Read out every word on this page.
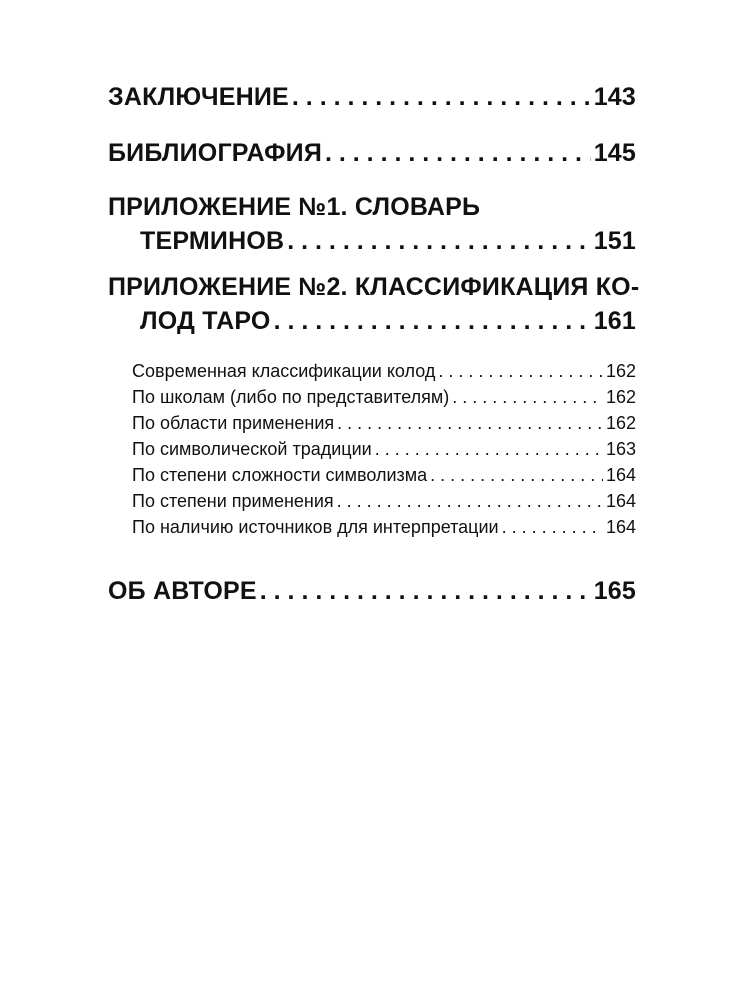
ЗАКЛЮЧЕНИЕ . . .	143
БИБЛИОГРАФИЯ . . .	145
ПРИЛОЖЕНИЕ №1. СЛОВАРЬ
ТЕРМИНОВ . . .	151
ПРИЛОЖЕНИЕ №2. КЛАССИФИКАЦИЯ КО-
ЛОД ТАРО . . .	161
Современная классификации колод . . .	162
По школам (либо по представителям) . . .	162
По области применения . . .	162
По символической традиции . . .	163
По степени сложности символизма . . .	164
По степени применения . . .	164
По наличию источников для интерпретации . . .	164
ОБ АВТОРЕ . . .	165
